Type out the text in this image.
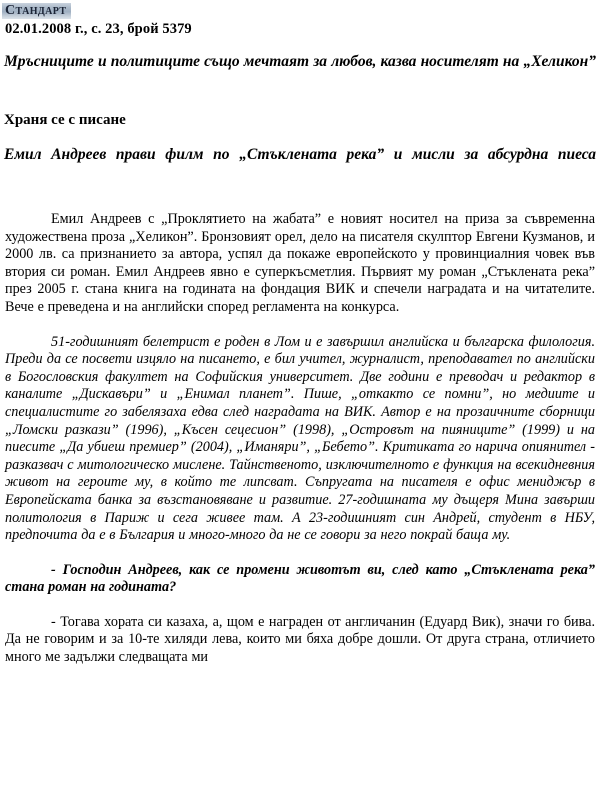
Стандарт
02.01.2008 г., с. 23, брой 5379
Мръсниците и политиците също мечтаят за любов, казва носителят на „Хеликон”
Храня се с писане
Емил Андреев прави филм по „Стъклената река” и мисли за абсурдна пиеса

Емил Андреев с „Проклятието на жабата” е новият носител на приза за съвременна художествена проза „Хеликон”. Бронзовият орел, дело на писателя скулптор Евгени Кузманов, и 2000 лв. са признанието за автора, успял да покаже европейското у провинциалния човек във втория си роман. Емил Андреев явно е суперкъсметлия. Първият му роман „Стъклената река” през 2005 г. стана книга на годината на фондация ВИК и спечели наградата и на читателите. Вече е преведена и на английски според регламента на конкурса.

51-годишният белетрист е роден в Лом и е завършил английска и българска филология. Преди да се посвети изцяло на писането, е бил учител, журналист, преподавател по английски в Богословския факултет на Софийския университет. Две години е преводач и редактор в каналите „Дискавъри” и „Енимал планет”. Пише, „откакто се помни”, но медиите и специалистите го забелязаха едва след наградата на ВИК. Автор е на прозаичните сборници „Ломски разкази” (1996), „Късен сецесион” (1998), „Островът на пияниците” (1999) и на пиесите „Да убиеш премиер” (2004), „Иманяри”, „Бебето”. Критиката го нарича опиянител - разказвач с митологическо мислене. Тайнственото, изключителното е функция на всекидневния живот на героите му, в който те липсват. Съпругата на писателя е офис мениджър в Европейската банка за възстановяване и развитие. 27-годишната му дъщеря Мина завърши политология в Париж и сега живее там. А 23-годишният син Андрей, студент в НБУ, предпочита да е в България и много-много да не се говори за него покрай баща му.

- Господин Андреев, как се промени животът ви, след като „Стъклената река” стана роман на годината?

- Тогава хората си казаха, а, щом е награден от англичанин (Едуард Вик), значи го бива. Да не говорим и за 10-те хиляди лева, които ми бяха добре дошли. От друга страна, отличието много ме задължи следващата ми
